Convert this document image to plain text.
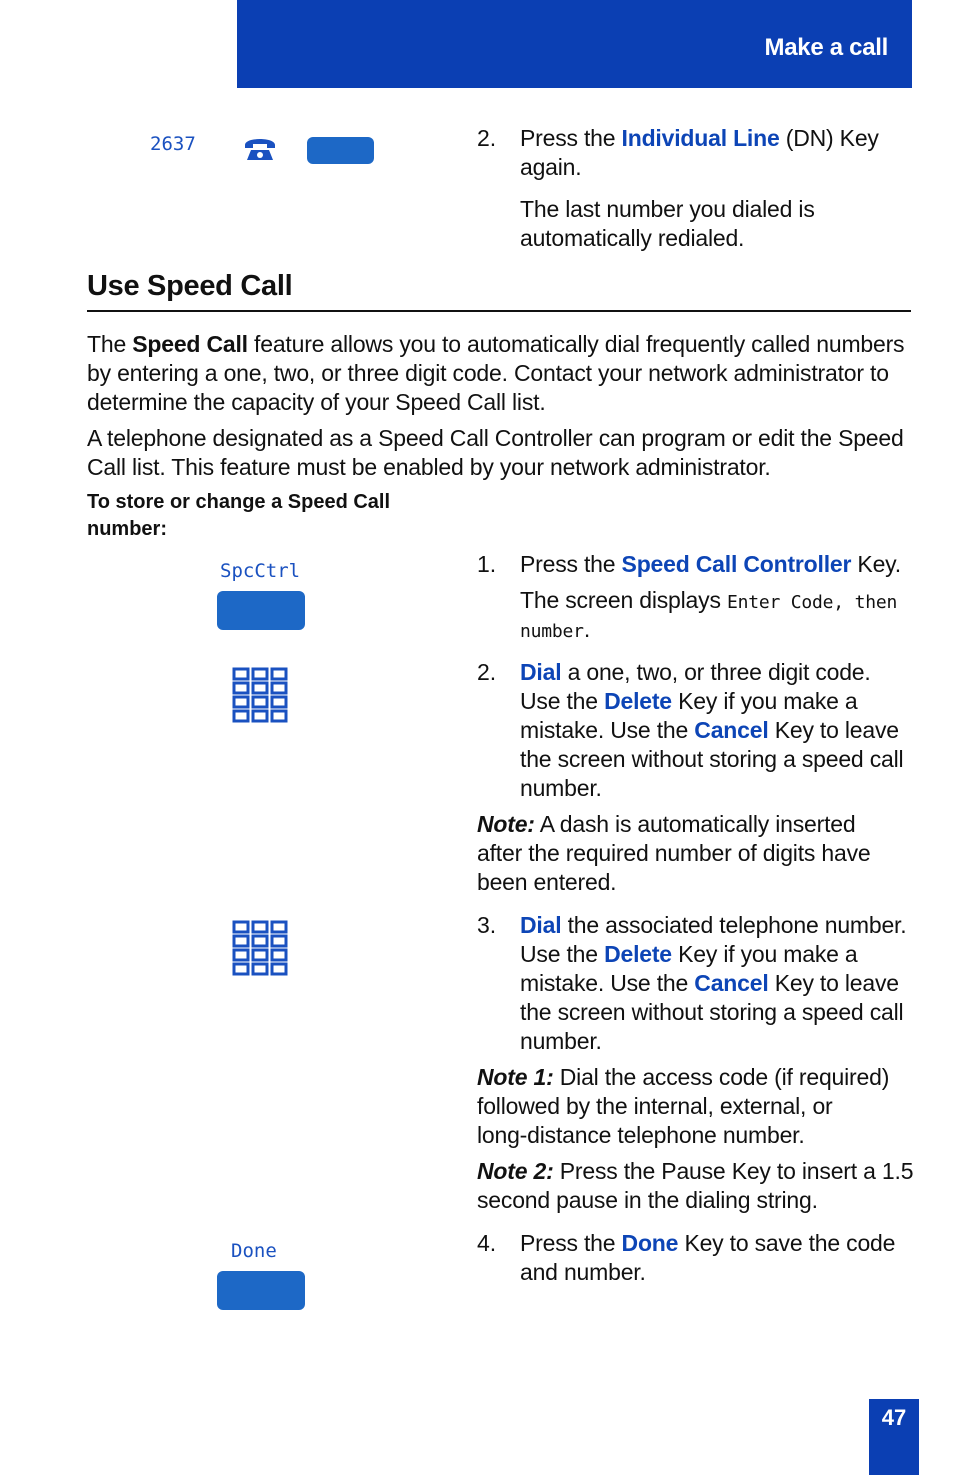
Make a call
2637	2. Press the Individual Line (DN) Key
again.
The last number you dialed is
automatically redialed.
Use Speed Call
The Speed Call feature allows you to automatically dial frequently called numbers
by entering a one, two, or three digit code. Contact your network administrator to
determine the capacity of your Speed Call list.
A telephone designated as a Speed Call Controller can program or edit the Speed
Call list. This feature must be enabled by your network administrator.
To store or change a Speed Call
number:
SpcCtrl	1. Press the Speed Call Controller Key.
The screen displays Enter Code, then
number.
2. Dial a one, two, or three digit code.
Use the Delete Key if you make a
mistake. Use the Cancel Key to leave
the screen without storing a speed call
number.
Note: A dash is automatically inserted
after the required number of digits have
been entered.
3. Dial the associated telephone number.
Use the Delete Key if you make a
mistake. Use the Cancel Key to leave
the screen without storing a speed call
number.
Note 1: Dial the access code (if required)
followed by the internal, external, or
long-distance telephone number.
Note 2: Press the Pause Key to insert a 1.5
second pause in the dialing string.
Done	4. Press the Done Key to save the code
and number.
47
